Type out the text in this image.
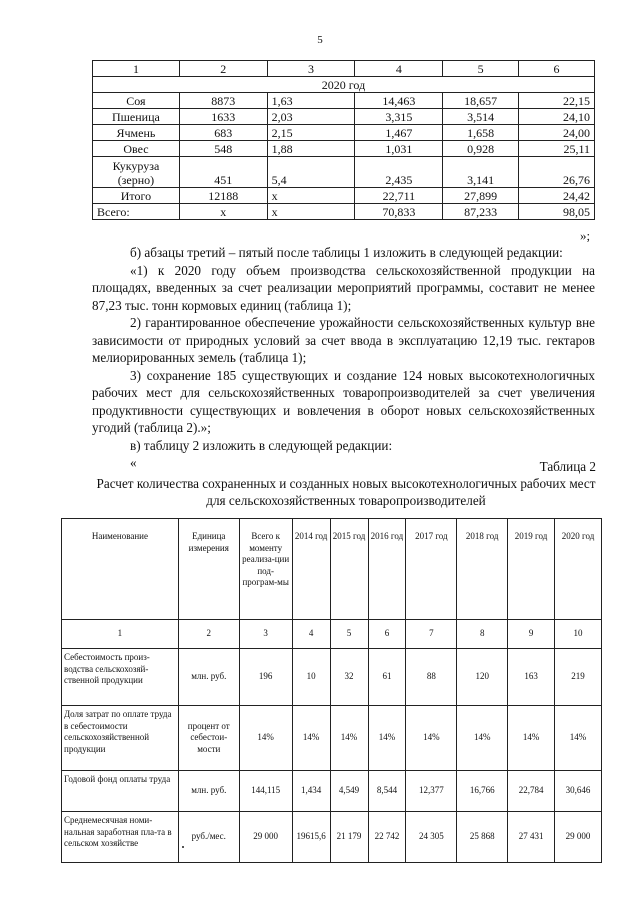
5
1	2	3	4	5	6
2020 год					
Соя	8873	1,63	14,463	18,657	22,15
Пшеница	1633	2,03	3,315	3,514	24,10
Ячмень	683	2,15	1,467	1,658	24,00
Овес	548	1,88	1,031	0,928	25,11
Кукуруза
(зерно)	451	5,4	2,435	3,141	26,76
Итого	12188	х	22,711	27,899	24,42
Всего:	х	х	70,833	87,233	98,05
»;

б) абзацы третий – пятый после таблицы 1 изложить в следующей редакции:

«1) к 2020 году объем производства сельскохозяйственной продукции на площадях, введенных за счет реализации мероприятий программы, составит не менее 87,23 тыс. тонн кормовых единиц (таблица 1);

2) гарантированное обеспечение урожайности сельскохозяйственных культур вне зависимости от природных условий за счет ввода в эксплуатацию 12,19 тыс. гектаров мелиорированных земель (таблица 1);

3) сохранение 185 существующих и создание 124 новых высокотехнологичных рабочих мест для сельскохозяйственных товаропроизводителей за счет увеличения продуктивности существующих и вовлечения в оборот новых сельскохозяйственных угодий (таблица 2).»;

в) таблицу 2 изложить в следующей редакции:

«	Таблица 2
Расчет количества сохраненных и созданных новых высокотехнологичных рабочих мест для сельскохозяйственных товаропроизводителей
Наименование	Единица измерения	Всего к моменту реализа-ции под-програм-мы	2014 год	2015 год	2016 год	2017 год	2018 год	2019 год	2020 год
1	2	3	4	5	6	7	8	9	10
Себестоимость произ-водства сельскохозяй-ственной продукции	млн. руб.	196	10	32	61	88	120	163	219
Доля затрат по оплате труда в себестоимости сельскохозяйственной продукции	процент от себестои-мости	14%	14%	14%	14%	14%	14%	14%	14%
Годовой фонд оплаты труда	млн. руб.	144,115	1,434	4,549	8,544	12,377	16,766	22,784	30,646
Среднемесячная номи-нальная заработная пла-та в сельском хозяйстве	руб./мес.	29 000	19615,6	21 179	22 742	24 305	25 868	27 431	29 000
